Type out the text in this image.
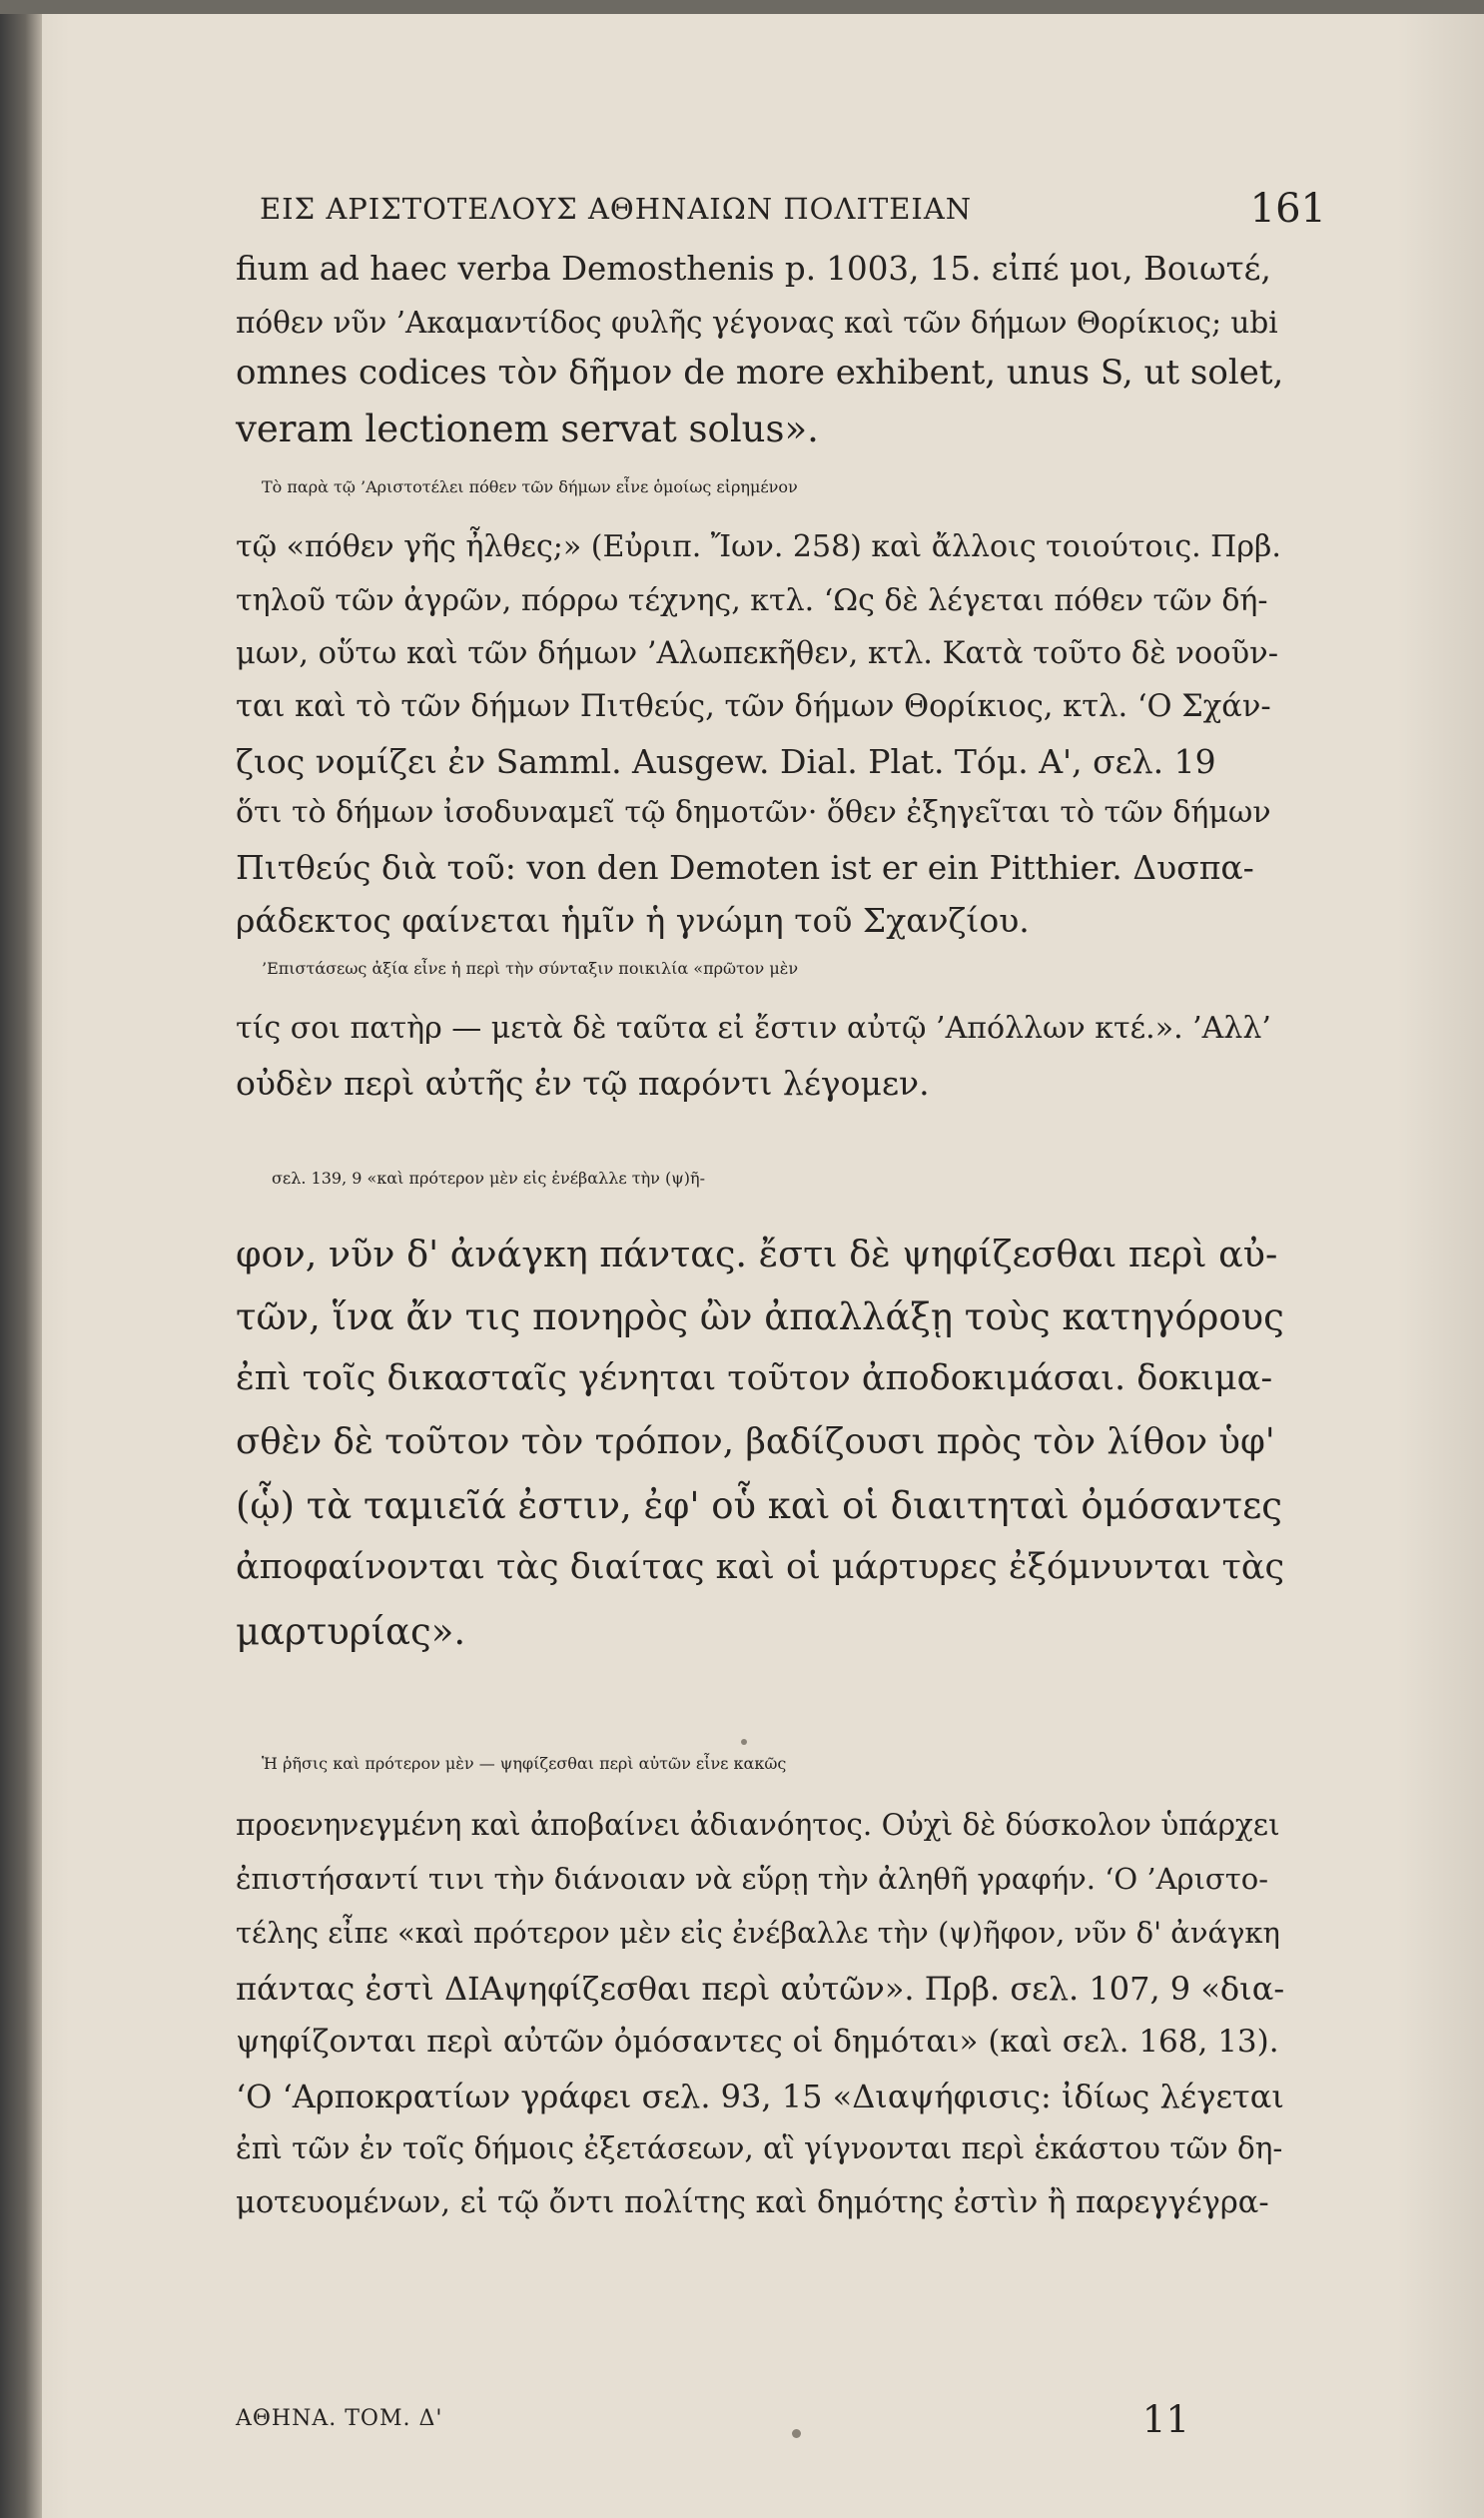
ΕΙΣ ΑΡΙΣΤΟΤΕΛΟΥΣ ΑΘΗΝΑΙΩΝ ΠΟΛΙΤΕΙΑΝ	161
fium ad haec verba Demosthenis p. 1003, 15. εἰπέ μοι, Βοιωτέ,
πόθεν νῦν ’Ακαμαντίδος φυλῆς γέγονας καὶ τῶν δήμων Θορίκιος; ubi
omnes codices τὸν δῆμον de more exhibent, unus S, ut solet,
veram lectionem servat solus».
Τὸ παρὰ τῷ ’Αριστοτέλει πόθεν τῶν δήμων εἶνε ὁμοίως εἰρημένον
τῷ «πόθεν γῆς ἦλθες;» (Εὐριπ. Ἴων. 258) καὶ ἄλλοις τοιούτοις. Πρβ.
τηλοῦ τῶν ἀγρῶν, πόρρω τέχνης, κτλ. ‘Ως δὲ λέγεται πόθεν τῶν δή-
μων, οὕτω καὶ τῶν δήμων ’Αλωπεκῆθεν, κτλ. Κατὰ τοῦτο δὲ νοοῦν-
ται καὶ τὸ τῶν δήμων Πιτθεύς, τῶν δήμων Θορίκιος, κτλ. ‘Ο Σχάν-
ζιος νομίζει ἐν Samml. Ausgew. Dial. Plat. Τόμ. Α', σελ. 19
ὅτι τὸ δήμων ἰσοδυναμεῖ τῷ δημοτῶν· ὅθεν ἐξηγεῖται τὸ τῶν δήμων
Πιτθεύς διὰ τοῦ: von den Demoten ist er ein Pitthier. Δυσπα-
ράδεκτος φαίνεται ἡμῖν ἡ γνώμη τοῦ Σχανζίου.
’Επιστάσεως ἀξία εἶνε ἡ περὶ τὴν σύνταξιν ποικιλία «πρῶτον μὲν
τίς σοι πατὴρ — μετὰ δὲ ταῦτα εἰ ἔστιν αὐτῷ ’Απόλλων κτέ.». ’Αλλ’
οὐδὲν περὶ αὐτῆς ἐν τῷ παρόντι λέγομεν.
σελ. 139, 9 «καὶ πρότερον μὲν εἰς ἐνέβαλλε τὴν (ψ)ῆ-
φον, νῦν δ' ἀνάγκη πάντας. ἔστι δὲ ψηφίζεσθαι περὶ αὐ-
τῶν, ἵνα ἄν τις πονηρὸς ὢν ἀπαλλάξῃ τοὺς κατηγόρους
ἐπὶ τοῖς δικασταῖς γένηται τοῦτον ἀποδοκιμάσαι. δοκιμα-
σθὲν δὲ τοῦτον τὸν τρόπον, βαδίζουσι πρὸς τὸν λίθον ὑφ'
(ᾧ) τὰ ταμιεῖά ἐστιν, ἐφ' οὗ καὶ οἱ διαιτηταὶ ὀμόσαντες
ἀποφαίνονται τὰς διαίτας καὶ οἱ μάρτυρες ἐξόμνυνται τὰς
μαρτυρίας».
Ἡ ῥῆσις καὶ πρότερον μὲν — ψηφίζεσθαι περὶ αὐτῶν εἶνε κακῶς
προενηνεγμένη καὶ ἀποβαίνει ἀδιανόητος. Οὐχὶ δὲ δύσκολον ὑπάρχει
ἐπιστήσαντί τινι τὴν διάνοιαν νὰ εὕρῃ τὴν ἀληθῆ γραφήν. ‘Ο ’Αριστο-
τέλης εἶπε «καὶ πρότερον μὲν εἰς ἐνέβαλλε τὴν (ψ)ῆφον, νῦν δ' ἀνάγκη
πάντας ἐστὶ ΔΙΑψηφίζεσθαι περὶ αὐτῶν». Πρβ. σελ. 107, 9 «δια-
ψηφίζονται περὶ αὐτῶν ὀμόσαντες οἱ δημόται» (καὶ σελ. 168, 13).
‘Ο ‘Αρποκρατίων γράφει σελ. 93, 15 «Διαψήφισις: ἰδίως λέγεται
ἐπὶ τῶν ἐν τοῖς δήμοις ἐξετάσεων, αἳ γίγνονται περὶ ἑκάστου τῶν δη-
μοτευομένων, εἰ τῷ ὄντι πολίτης καὶ δημότης ἐστὶν ἢ παρεγγέγρα-
ΑΘΗΝΑ. ΤΟΜ. Δ'	11
